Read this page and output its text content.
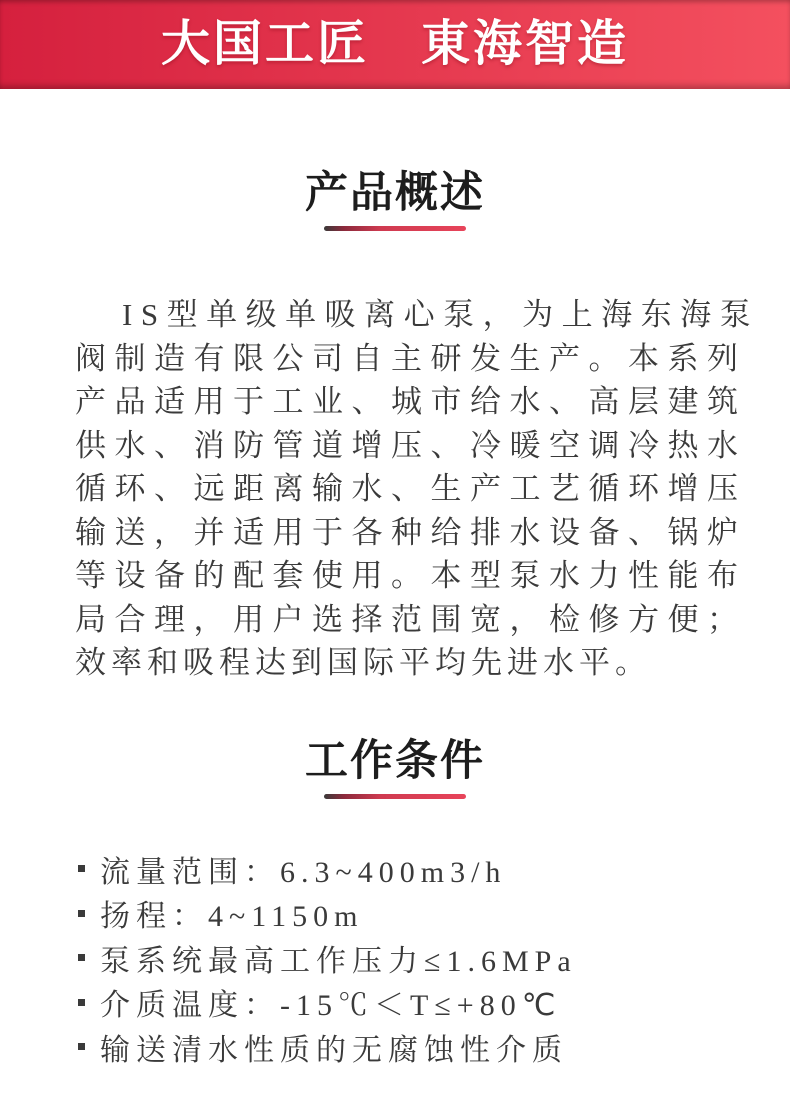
大国工匠　東海智造
产品概述
IS型单级单吸离心泵，为上海东海泵
阀制造有限公司自主研发生产。本系列
产品适用于工业、城市给水、高层建筑
供水、消防管道增压、冷暖空调冷热水
循环、远距离输水、生产工艺循环增压
输送，并适用于各种给排水设备、锅炉
等设备的配套使用。本型泵水力性能布
局合理，用户选择范围宽，检修方便；
效率和吸程达到国际平均先进水平。
工作条件
流量范围：6.3~400m3/h
扬程：4~1150m
泵系统最高工作压力≤1.6MPa
介质温度：-15℃＜T≤+80℃
输送清水性质的无腐蚀性介质
